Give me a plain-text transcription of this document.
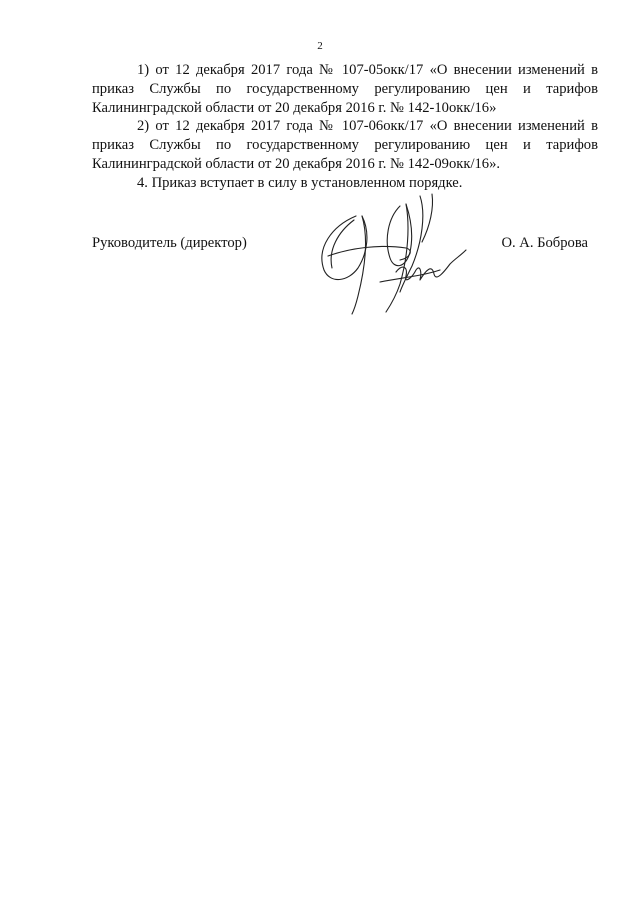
2

1) от 12 декабря 2017 года № 107-05окк/17 «О внесении изменений в приказ Службы по государственному регулированию цен и тарифов Калининградской области от 20 декабря 2016 г. № 142-10окк/16»

2) от 12 декабря 2017 года № 107-06окк/17 «О внесении изменений в приказ Службы по государственному регулированию цен и тарифов Калининградской области от 20 декабря 2016 г. № 142-09окк/16».

4. Приказ вступает в силу в установленном порядке.

Руководитель (директор)	О. А. Боброва
